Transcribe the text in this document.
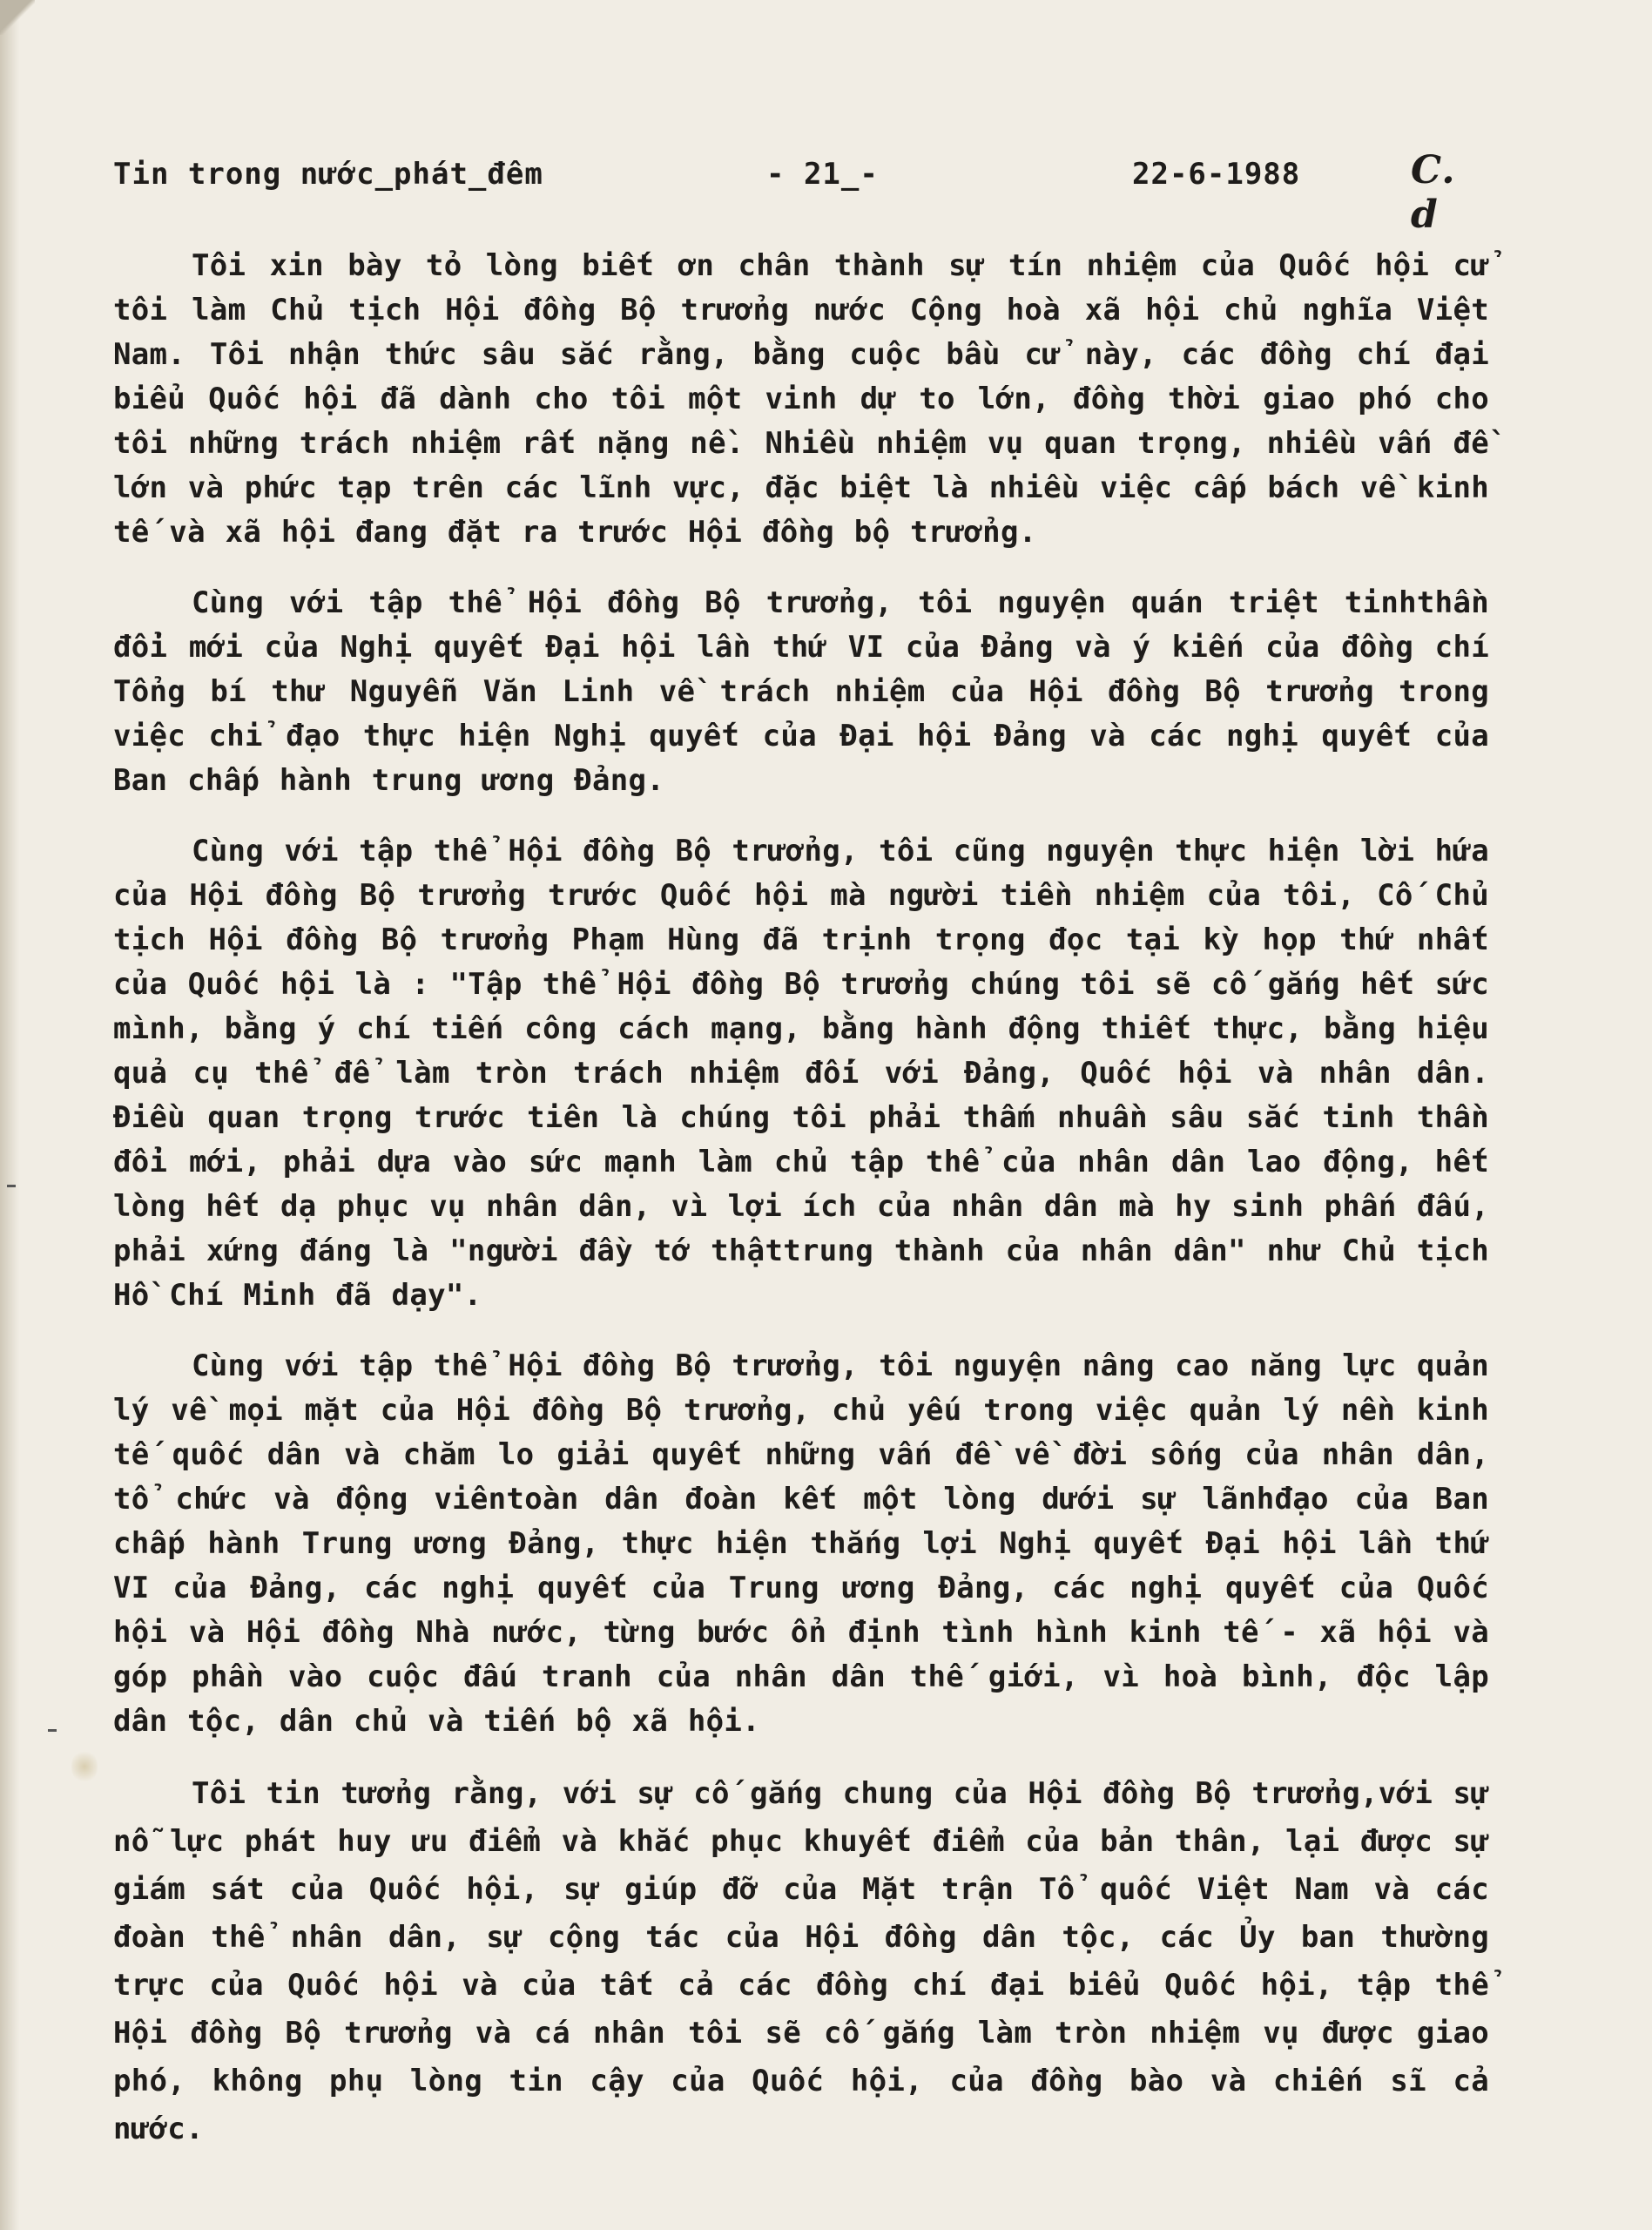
Tin trong nước_phát_đêm	- 21_-	22-6-1988	C. d

Tôi xin bày tỏ lòng biết ơn chân thành sự tín nhiệm của Quốc hội cử tôi làm Chủ tịch Hội đồng Bộ trưởng nước Cộng hoà xã hội chủ nghĩa Việt Nam. Tôi nhận thức sâu sắc rằng, bằng cuộc bầu cử này, các đồng chí đại biểu Quốc hội đã dành cho tôi một vinh dự to lớn, đồng thời giao phó cho tôi những trách nhiệm rất nặng nề. Nhiều nhiệm vụ quan trọng, nhiều vấn đề lớn và phức tạp trên các lĩnh vực, đặc biệt là nhiều việc cấp bách về kinh tế và xã hội đang đặt ra trước Hội đồng bộ trưởng.

Cùng với tập thể Hội đồng Bộ trưởng, tôi nguyện quán triệt tinhthần đổi mới của Nghị quyết Đại hội lần thứ VI của Đảng và ý kiến của đồng chí Tổng bí thư Nguyễn Văn Linh về trách nhiệm của Hội đồng Bộ trưởng trong việc chỉ đạo thực hiện Nghị quyết của Đại hội Đảng và các nghị quyết của Ban chấp hành trung ương Đảng.

Cùng với tập thể Hội đồng Bộ trưởng, tôi cũng nguyện thực hiện lời hứa của Hội đồng Bộ trưởng trước Quốc hội mà người tiền nhiệm của tôi, Cố Chủ tịch Hội đồng Bộ trưởng Phạm Hùng đã trịnh trọng đọc tại kỳ họp thứ nhất của Quốc hội là : "Tập thể Hội đồng Bộ trưởng chúng tôi sẽ cố gắng hết sức mình, bằng ý chí tiến công cách mạng, bằng hành động thiết thực, bằng hiệu quả cụ thể để làm tròn trách nhiệm đối với Đảng, Quốc hội và nhân dân. Điều quan trọng trước tiên là chúng tôi phải thấm nhuần sâu sắc tinh thần đổi mới, phải dựa vào sức mạnh làm chủ tập thể của nhân dân lao động, hết lòng hết dạ phục vụ nhân dân, vì lợi ích của nhân dân mà hy sinh phấn đấu, phải xứng đáng là "người đầy tớ thậttrung thành của nhân dân" như Chủ tịch Hồ Chí Minh đã dạy".

Cùng với tập thể Hội đồng Bộ trưởng, tôi nguyện nâng cao năng lực quản lý về mọi mặt của Hội đồng Bộ trưởng, chủ yếu trong việc quản lý nền kinh tế quốc dân và chăm lo giải quyết những vấn đề về đời sống của nhân dân, tổ chức và động viêntoàn dân đoàn kết một lòng dưới sự lãnhđạo của Ban chấp hành Trung ương Đảng, thực hiện thắng lợi Nghị quyết Đại hội lần thứ VI của Đảng, các nghị quyết của Trung ương Đảng, các nghị quyết của Quốc hội và Hội đồng Nhà nước, từng bước ổn định tình hình kinh tế - xã hội và góp phần vào cuộc đấu tranh của nhân dân thế giới, vì hoà bình, độc lập dân tộc, dân chủ và tiến bộ xã hội.

Tôi tin tưởng rằng, với sự cố gắng chung của Hội đồng Bộ trưởng,với sự nỗ lực phát huy ưu điểm và khắc phục khuyết điểm của bản thân, lại được sự giám sát của Quốc hội, sự giúp đỡ của Mặt trận Tổ quốc Việt Nam và các đoàn thể nhân dân, sự cộng tác của Hội đồng dân tộc, các Ủy ban thường trực của Quốc hội và của tất cả các đồng chí đại biểu Quốc hội, tập thể Hội đồng Bộ trưởng và cá nhân tôi sẽ cố gắng làm tròn nhiệm vụ được giao phó, không phụ lòng tin cậy của Quốc hội, của đồng bào và chiến sĩ cả nước.
